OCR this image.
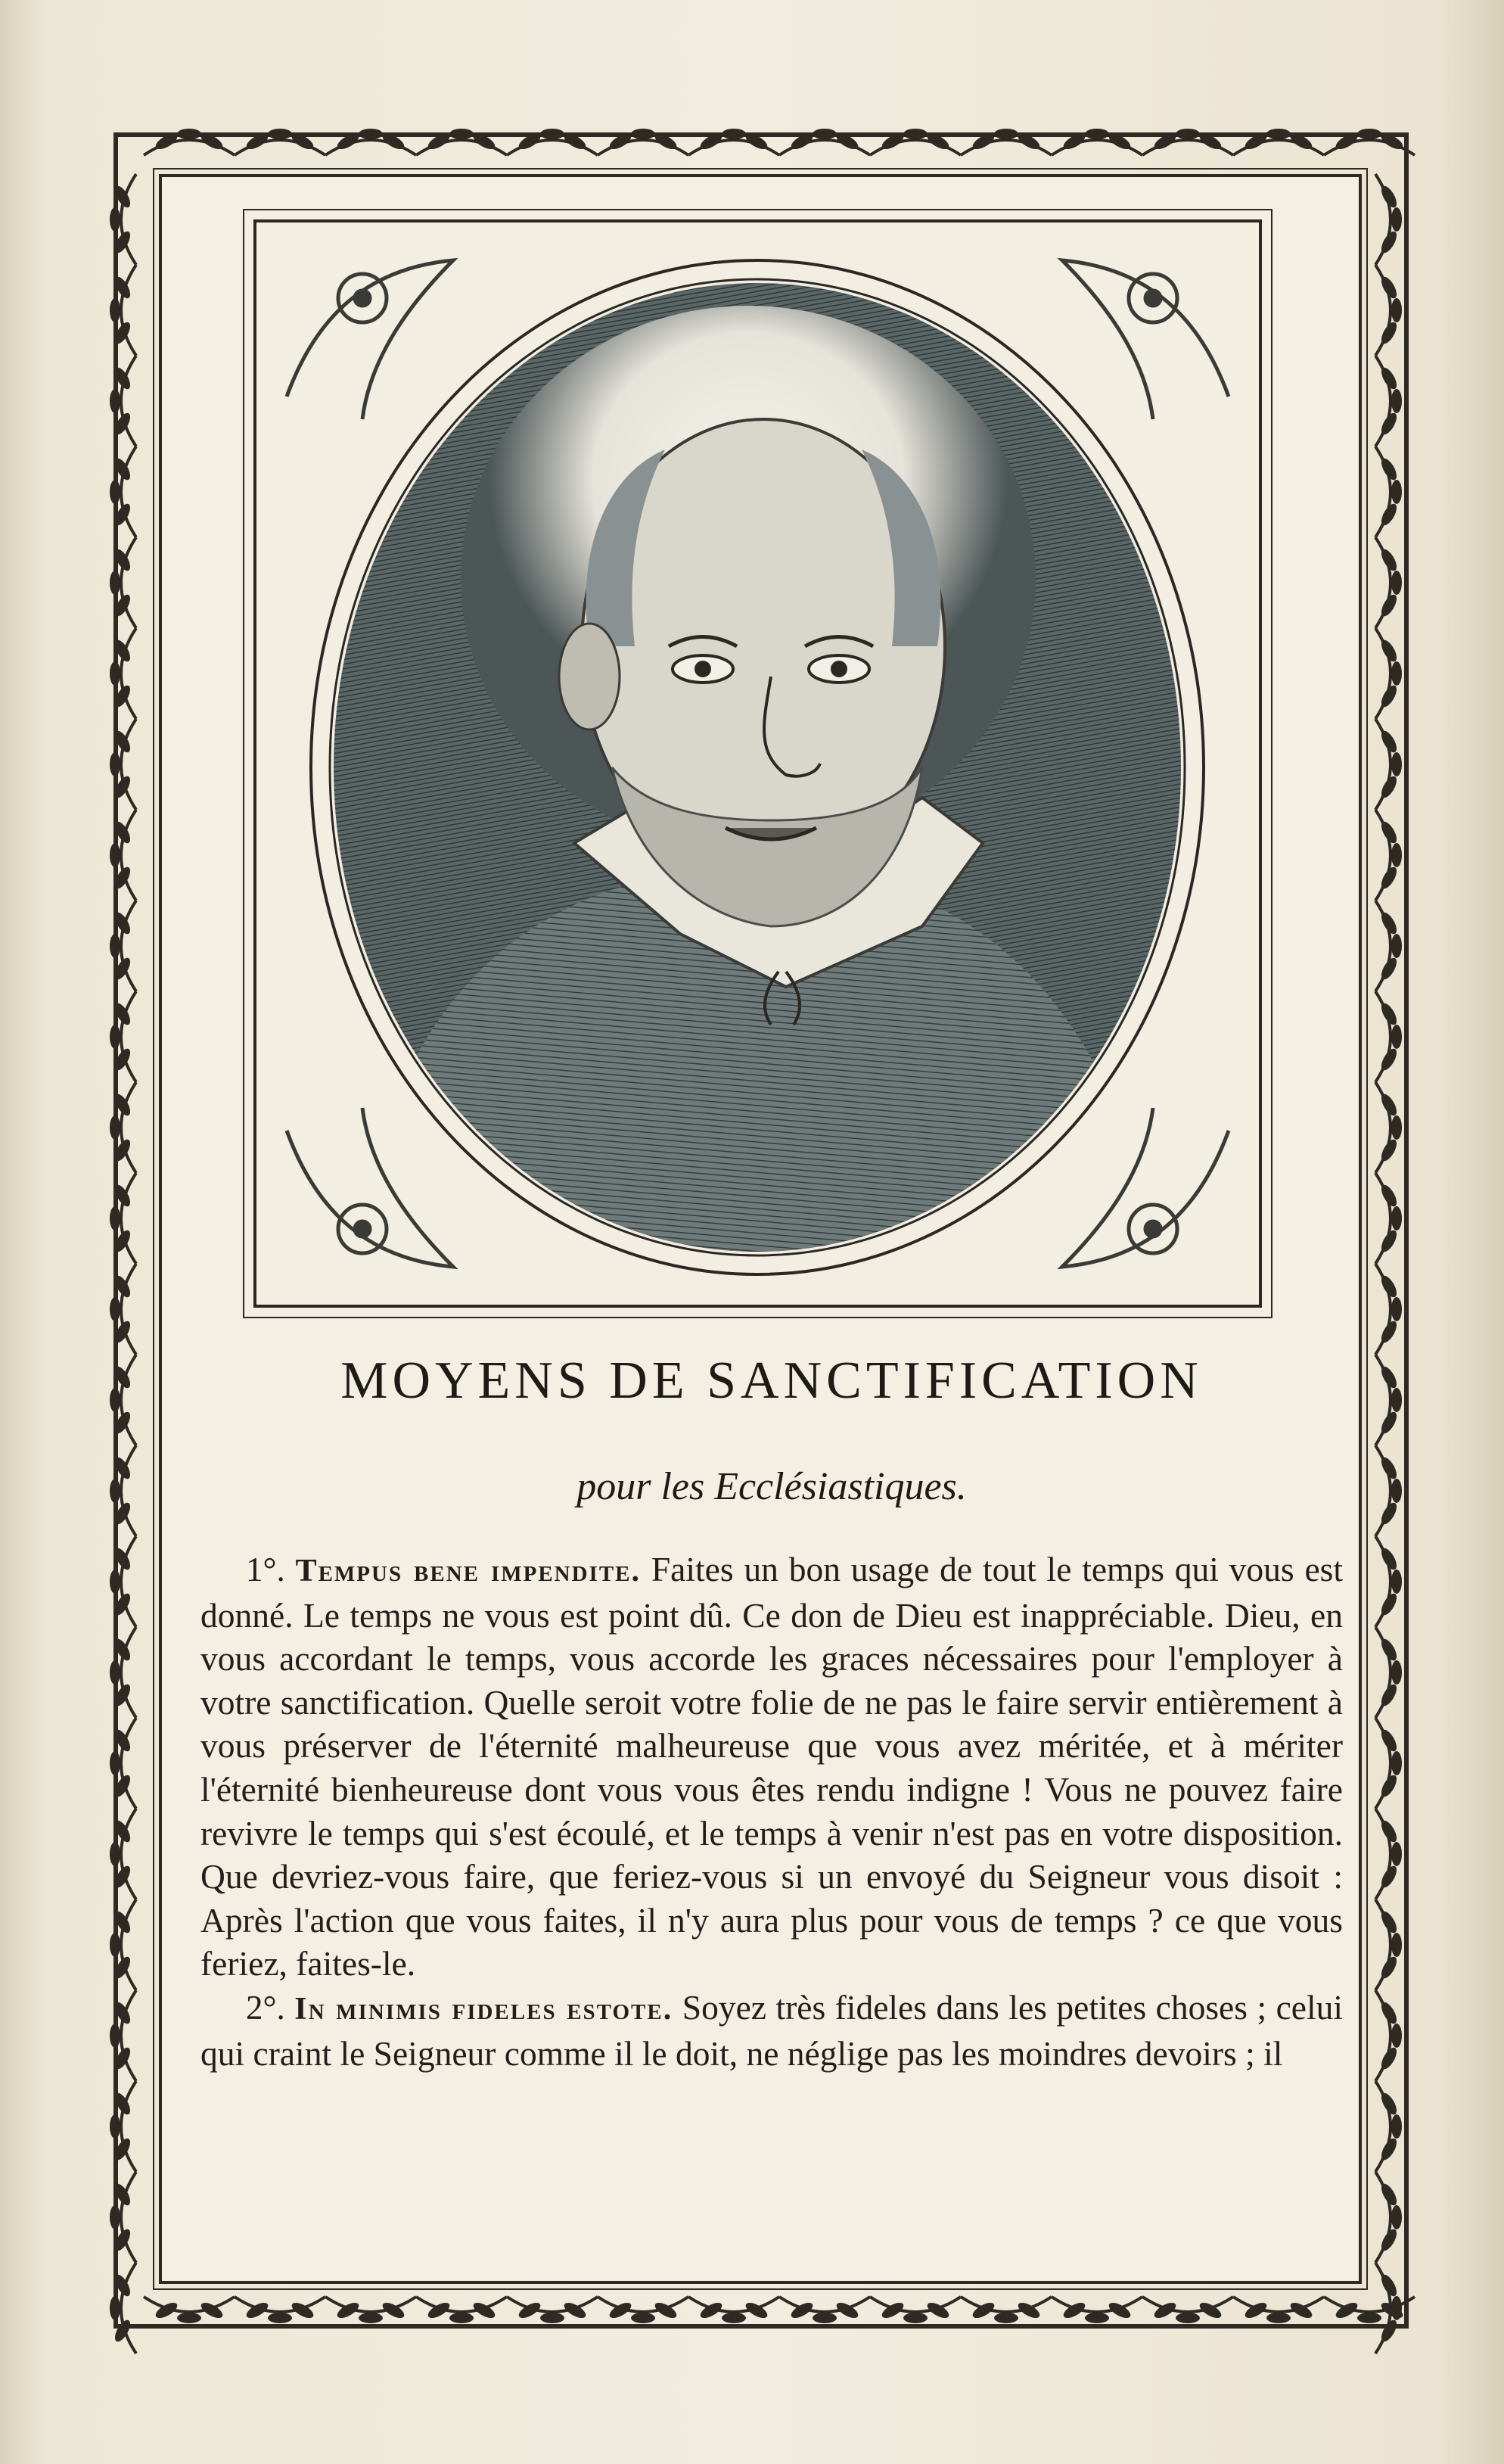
MOYENS DE SANCTIFICATION
pour les Ecclésiastiques.

1°. Tempus bene impendite. Faites un bon usage de tout le temps qui vous est donné. Le temps ne vous est point dû. Ce don de Dieu est inappréciable. Dieu, en vous accordant le temps, vous accorde les graces nécessaires pour l'employer à votre sanctification. Quelle seroit votre folie de ne pas le faire servir entièrement à vous préserver de l'éternité malheureuse que vous avez méritée, et à mériter l'éternité bienheureuse dont vous vous êtes rendu indigne ! Vous ne pouvez faire revivre le temps qui s'est écoulé, et le temps à venir n'est pas en votre disposition. Que devriez-vous faire, que feriez-vous si un envoyé du Seigneur vous disoit : Après l'action que vous faites, il n'y aura plus pour vous de temps ? ce que vous feriez, faites-le.

2°. In minimis fideles estote. Soyez très fideles dans les petites choses ; celui qui craint le Seigneur comme il le doit, ne néglige pas les moindres devoirs ; il
